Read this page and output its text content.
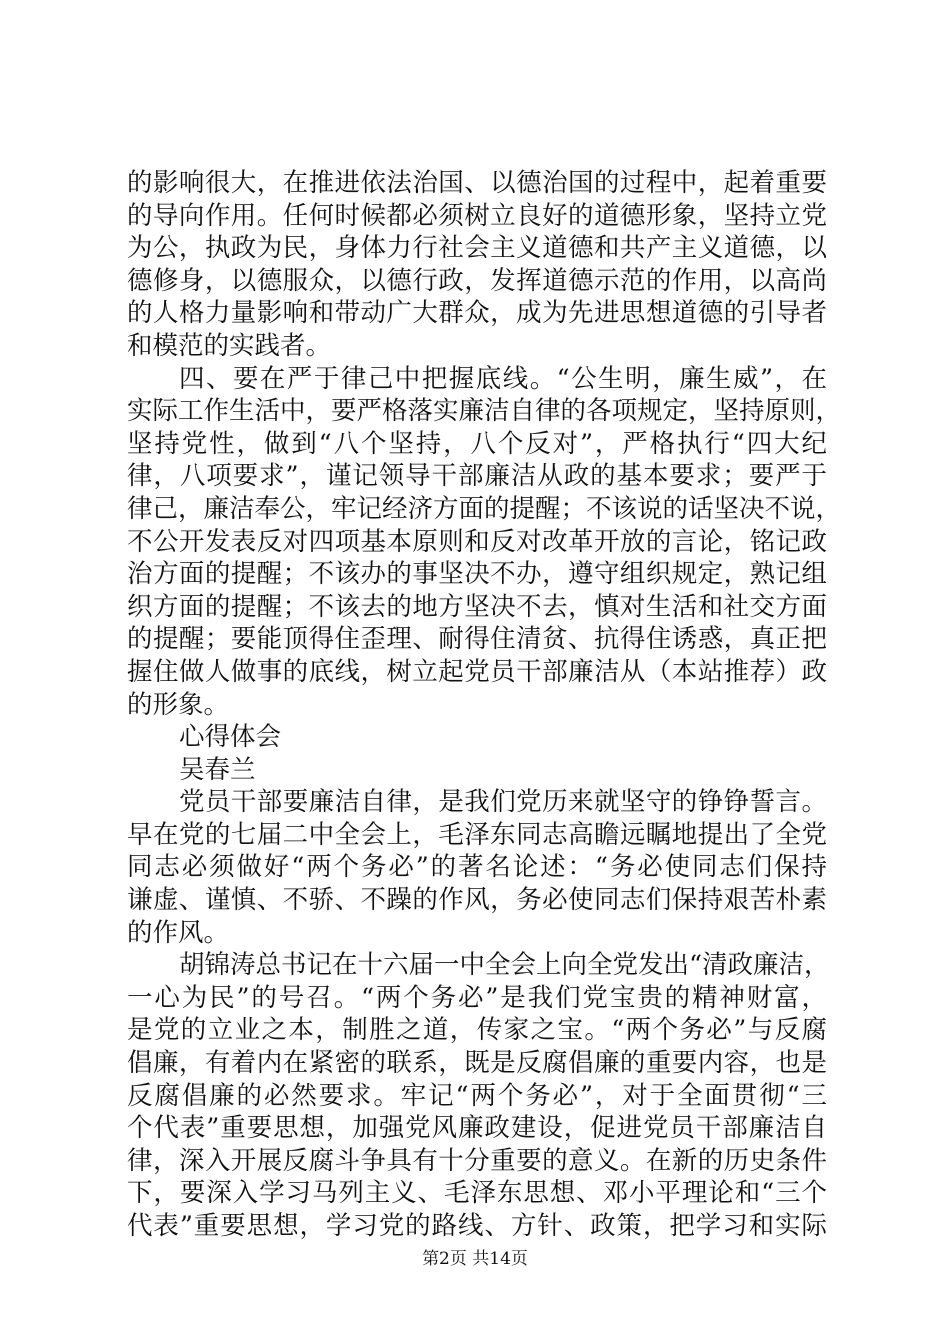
的影响很大，在推进依法治国、以德治国的过程中，起着重要
的导向作用。任何时候都必须树立良好的道德形象，坚持立党
为公，执政为民，身体力行社会主义道德和共产主义道德，以
德修身，以德服众，以德行政，发挥道德示范的作用，以高尚
的人格力量影响和带动广大群众，成为先进思想道德的引导者
和模范的实践者。
四、要在严于律己中把握底线。“公生明，廉生威”，在
实际工作生活中，要严格落实廉洁自律的各项规定，坚持原则，
坚持党性，做到“八个坚持，八个反对”，严格执行“四大纪
律，八项要求”，谨记领导干部廉洁从政的基本要求；要严于
律己，廉洁奉公，牢记经济方面的提醒；不该说的话坚决不说，
不公开发表反对四项基本原则和反对改革开放的言论，铭记政
治方面的提醒；不该办的事坚决不办，遵守组织规定，熟记组
织方面的提醒；不该去的地方坚决不去，慎对生活和社交方面
的提醒；要能顶得住歪理、耐得住清贫、抗得住诱惑，真正把
握住做人做事的底线，树立起党员干部廉洁从（本站推荐）政
的形象。
心得体会
吴春兰
党员干部要廉洁自律，是我们党历来就坚守的铮铮誓言。
早在党的七届二中全会上，毛泽东同志高瞻远瞩地提出了全党
同志必须做好“两个务必”的著名论述：“务必使同志们保持
谦虚、谨慎、不骄、不躁的作风，务必使同志们保持艰苦朴素
的作风。
胡锦涛总书记在十六届一中全会上向全党发出“清政廉洁，
一心为民”的号召。“两个务必”是我们党宝贵的精神财富，
是党的立业之本，制胜之道，传家之宝。“两个务必”与反腐
倡廉，有着内在紧密的联系，既是反腐倡廉的重要内容，也是
反腐倡廉的必然要求。牢记“两个务必”，对于全面贯彻“三
个代表”重要思想，加强党风廉政建设，促进党员干部廉洁自
律，深入开展反腐斗争具有十分重要的意义。在新的历史条件
下，要深入学习马列主义、毛泽东思想、邓小平理论和“三个
代表”重要思想，学习党的路线、方针、政策，把学习和实际
第2页 共14页
